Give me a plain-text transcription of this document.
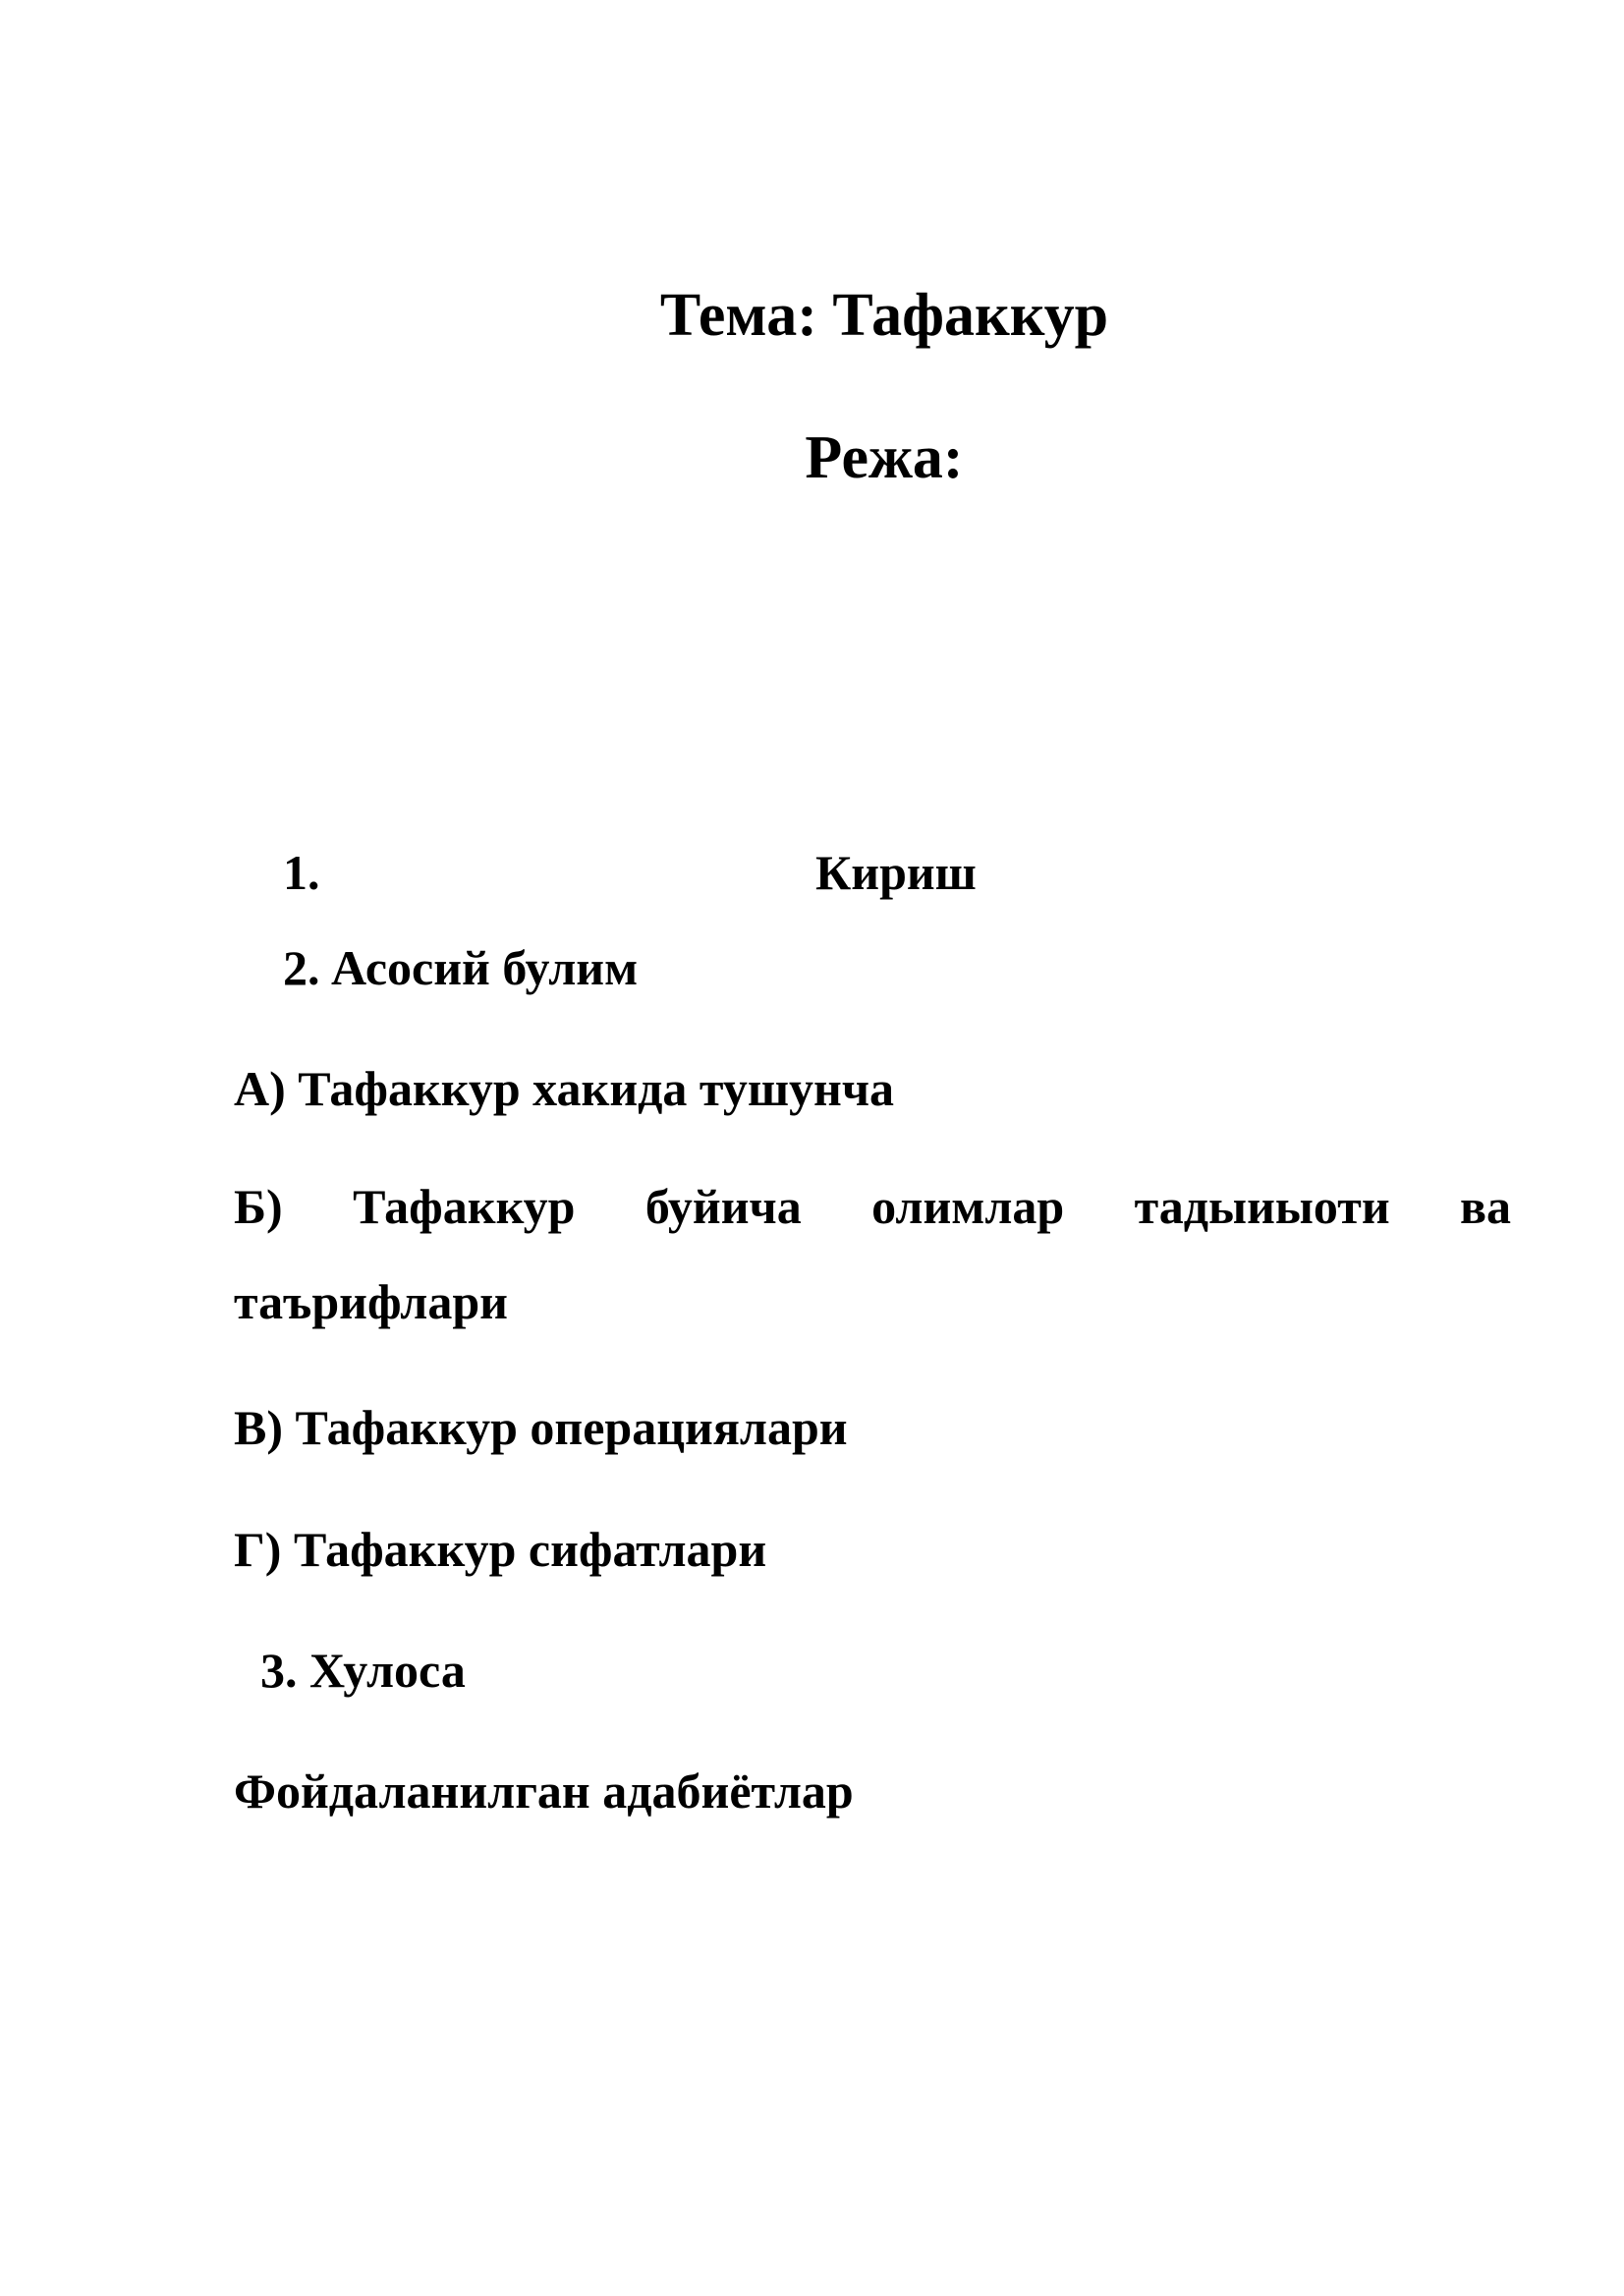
Тема: Тафаккур
Режа:
1.	Кириш
2. Асосий булим
А) Тафаккур хакида тушунча
Б) Тафаккур буйича олимлар тадыиыоти ва
таърифлари
В) Тафаккур операциялари
Г) Тафаккур сифатлари
3. Хулоса
Фойдаланилган адабиётлар
